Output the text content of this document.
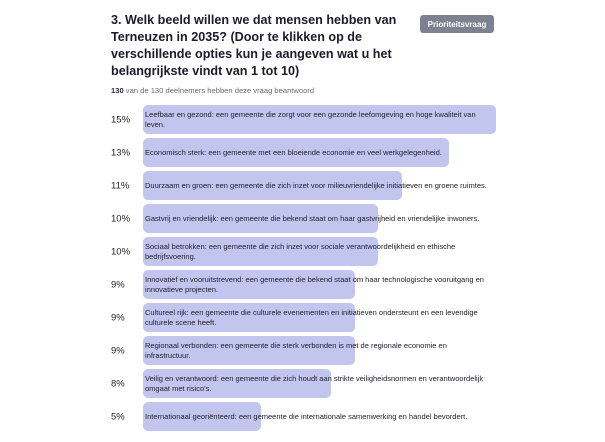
3. Welk beeld willen we dat mensen hebben van Terneuzen in 2035? (Door te klikken op de verschillende opties kun je aangeven wat u het belangrijkste vindt van 1 tot 10)
Prioriteitsvraag
130 van de 130 deelnemers hebben deze vraag beantwoord
15%	Leefbaar en gezond: een gemeente die zorgt voor een gezonde leefomgeving en hoge kwaliteit van leven.
13%	Economisch sterk: een gemeente met een bloeiende economie en veel werkgelegenheid.
11%	Duurzaam en groen: een gemeente die zich inzet voor milieuvriendelijke initiatieven en groene ruimtes.
10%	Gastvrij en vriendelijk: een gemeente die bekend staat om haar gastvrijheid en vriendelijke inwoners.
10%	Sociaal betrokken: een gemeente die zich inzet voor sociale verantwoordelijkheid en ethische bedrijfsvoering.
9%	Innovatief en vooruitstrevend: een gemeente die bekend staat om haar technologische vooruitgang en innovatieve projecten.
9%	Cultureel rijk: een gemeente die culturele evenementen en initiatieven ondersteunt en een levendige culturele scene heeft.
9%	Regionaal verbonden: een gemeente die sterk verbonden is met de regionale economie en infrastructuur.
8%	Veilig en verantwoord: een gemeente die zich houdt aan strikte veiligheidsnormen en verantwoordelijk omgaat met risico's.
5%	Internationaal georiënteerd: een gemeente die internationale samenwerking en handel bevordert.
